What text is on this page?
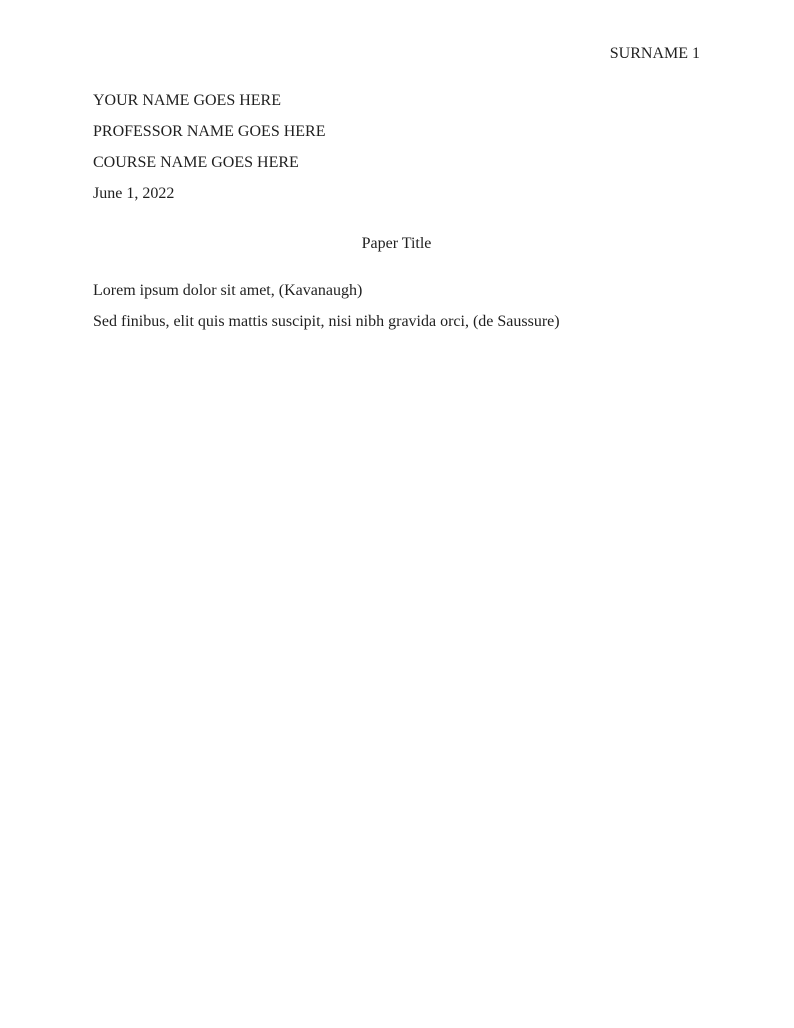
SURNAME 1

YOUR NAME GOES HERE

PROFESSOR NAME GOES HERE

COURSE NAME GOES HERE

June 1, 2022

Paper Title

Lorem ipsum dolor sit amet, (Kavanaugh)

Sed finibus, elit quis mattis suscipit, nisi nibh gravida orci, (de Saussure)
